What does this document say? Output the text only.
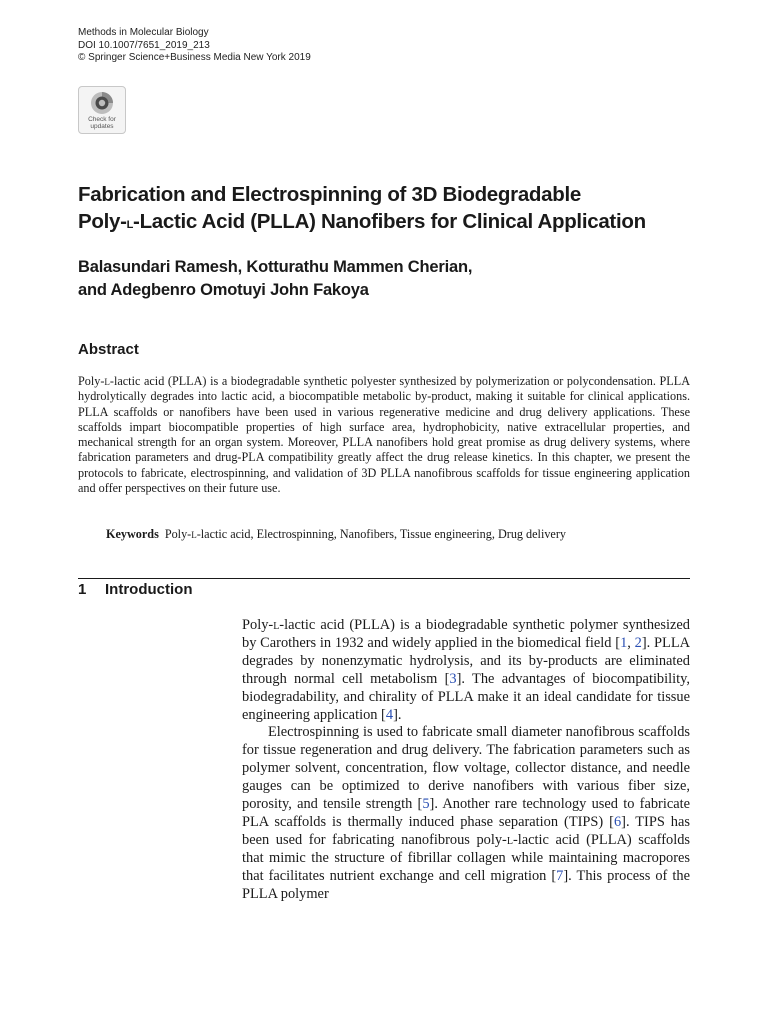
Methods in Molecular Biology
DOI 10.1007/7651_2019_213
© Springer Science+Business Media New York 2019
Check for
updates
Fabrication and Electrospinning of 3D Biodegradable
Poly-l-Lactic Acid (PLLA) Nanofibers for Clinical Application
Balasundari Ramesh, Kotturathu Mammen Cherian,
and Adegbenro Omotuyi John Fakoya
Abstract

Poly-l-lactic acid (PLLA) is a biodegradable synthetic polyester synthesized by polymerization or polycondensation. PLLA hydrolytically degrades into lactic acid, a biocompatible metabolic by-product, making it suitable for clinical applications. PLLA scaffolds or nanofibers have been used in various regenerative medicine and drug delivery applications. These scaffolds impart biocompatible properties of high surface area, hydrophobicity, native extracellular properties, and mechanical strength for an organ system. Moreover, PLLA nanofibers hold great promise as drug delivery systems, where fabrication parameters and drug-PLA compatibility greatly affect the drug release kinetics. In this chapter, we present the protocols to fabricate, electrospinning, and validation of 3D PLLA nanofibrous scaffolds for tissue engineering application and offer perspectives on their future use.

Keywords Poly-l-lactic acid, Electrospinning, Nanofibers, Tissue engineering, Drug delivery
1 Introduction

Poly-l-lactic acid (PLLA) is a biodegradable synthetic polymer synthesized by Carothers in 1932 and widely applied in the biomedical field [1, 2]. PLLA degrades by nonenzymatic hydrolysis, and its by-products are eliminated through normal cell metabolism [3]. The advantages of biocompatibility, biodegradability, and chirality of PLLA make it an ideal candidate for tissue engineering application [4].

Electrospinning is used to fabricate small diameter nanofibrous scaffolds for tissue regeneration and drug delivery. The fabrication parameters such as polymer solvent, concentration, flow voltage, collector distance, and needle gauges can be optimized to derive nanofibers with various fiber size, porosity, and tensile strength [5]. Another rare technology used to fabricate PLA scaffolds is thermally induced phase separation (TIPS) [6]. TIPS has been used for fabricating nanofibrous poly-l-lactic acid (PLLA) scaffolds that mimic the structure of fibrillar collagen while maintaining macropores that facilitates nutrient exchange and cell migration [7]. This process of the PLLA polymer
